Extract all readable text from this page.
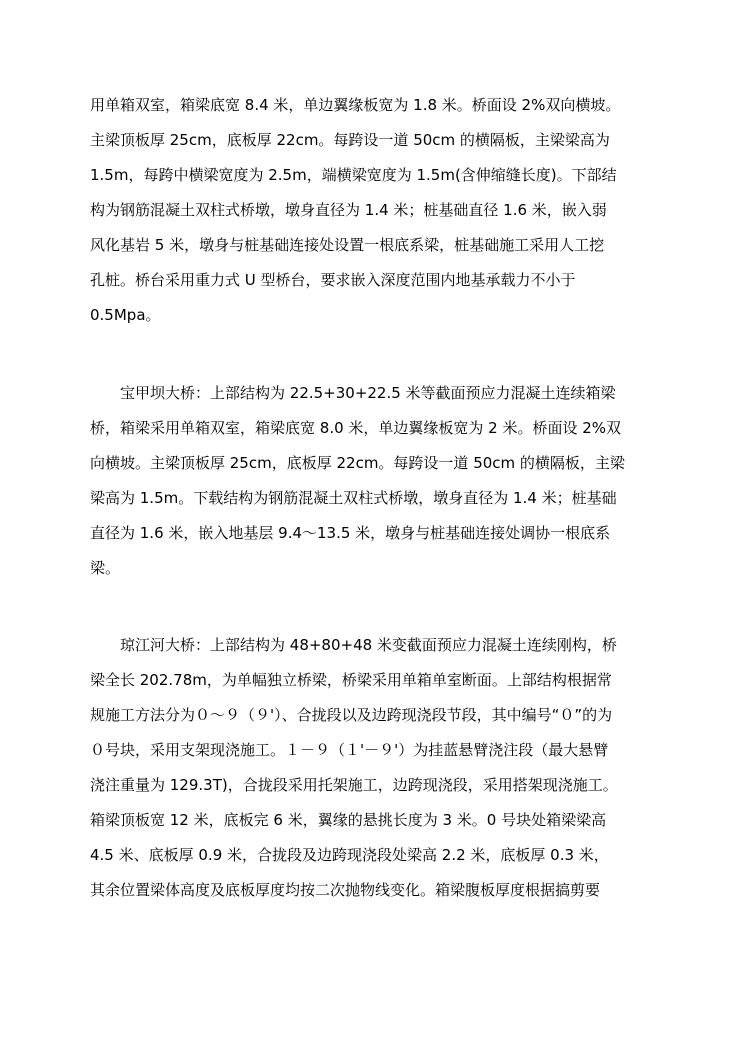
用单箱双室，箱梁底宽 8.4 米，单边翼缘板宽为 1.8 米。桥面设 2%双向横坡。
主梁顶板厚 25cm，底板厚 22cm。每跨设一道 50cm 的横隔板，主梁梁高为
1.5m，每跨中横梁宽度为 2.5m，端横梁宽度为 1.5m(含伸缩缝长度)。下部结
构为钢筋混凝土双柱式桥墩，墩身直径为 1.4 米；桩基础直径 1.6 米，嵌入弱
风化基岩 5 米，墩身与桩基础连接处设置一根底系梁，桩基础施工采用人工挖
孔桩。桥台采用重力式 U 型桥台，要求嵌入深度范围内地基承载力不小于
0.5Mpa。
　　宝甲坝大桥：上部结构为 22.5+30+22.5 米等截面预应力混凝土连续箱梁
桥，箱梁采用单箱双室，箱梁底宽 8.0 米，单边翼缘板宽为 2 米。桥面设 2%双
向横坡。主梁顶板厚 25cm，底板厚 22cm。每跨设一道 50cm 的横隔板，主梁
梁高为 1.5m。下载结构为钢筋混凝土双柱式桥墩，墩身直径为 1.4 米；桩基础
直径为 1.6 米，嵌入地基层 9.4～13.5 米，墩身与桩基础连接处调协一根底系
梁。
　　琼江河大桥：上部结构为 48+80+48 米变截面预应力混凝土连续刚构，桥
梁全长 202.78m，为单幅独立桥梁，桥梁采用单箱单室断面。上部结构根据常
规施工方法分为０～９（９'）、合拢段以及边跨现浇段节段，其中编号“０”的为
０号块，采用支架现浇施工。１－９（１'－９'）为挂蓝悬臂浇注段（最大悬臂
浇注重量为 129.3T)，合拢段采用托架施工，边跨现浇段，采用搭架现浇施工。
箱梁顶板宽 12 米，底板完 6 米，翼缘的悬挑长度为 3 米。0 号块处箱梁梁高
4.5 米、底板厚 0.9 米，合拢段及边跨现浇段处梁高 2.2 米，底板厚 0.3 米，
其余位置梁体高度及底板厚度均按二次抛物线变化。箱梁腹板厚度根据搞剪要
